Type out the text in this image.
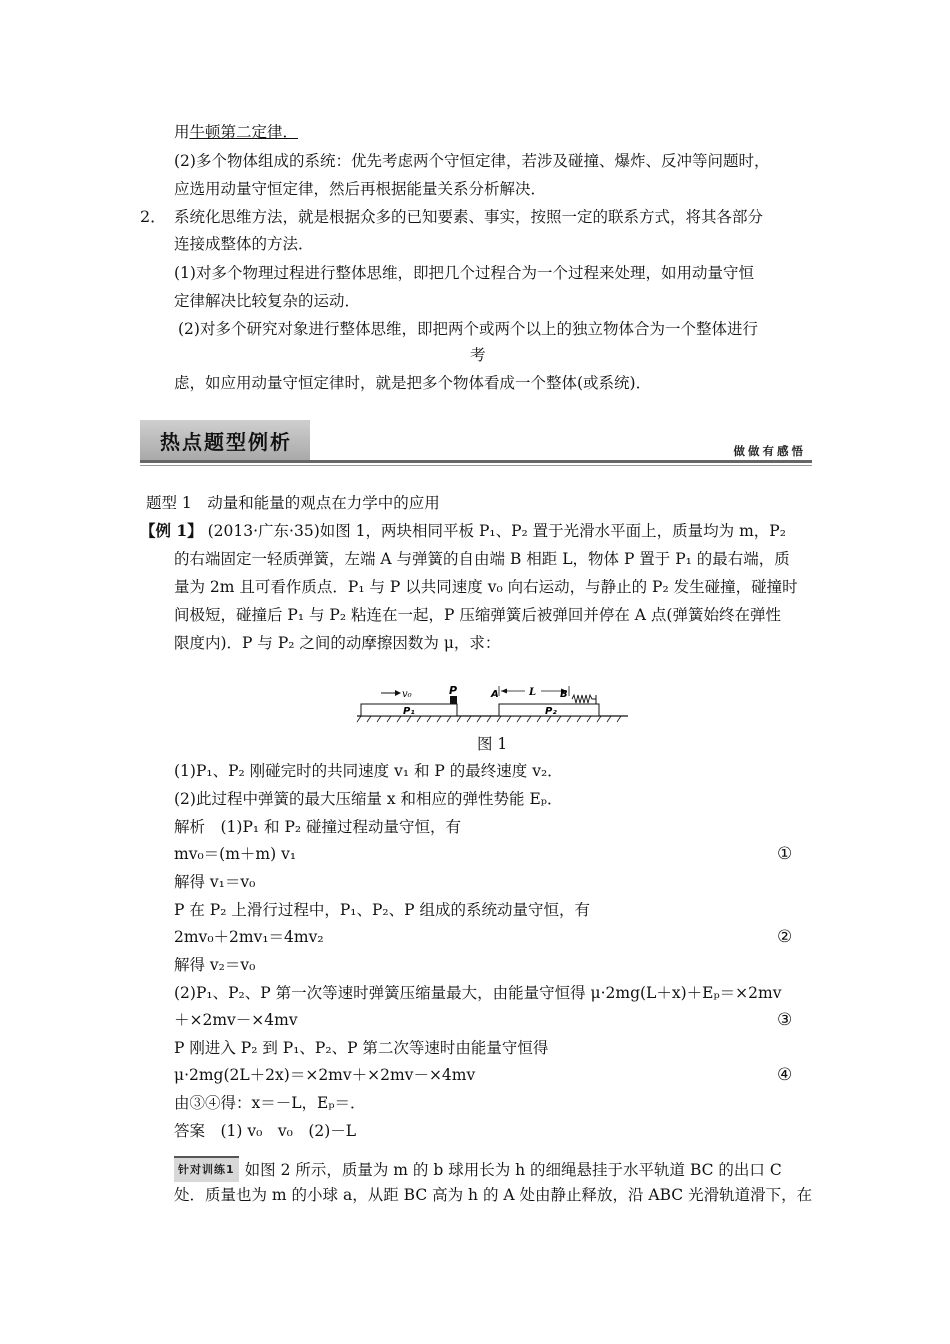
用牛顿第二定律．
(2)多个物体组成的系统：优先考虑两个守恒定律，若涉及碰撞、爆炸、反冲等问题时，
应选用动量守恒定律，然后再根据能量关系分析解决．
2． 系统化思维方法，就是根据众多的已知要素、事实，按照一定的联系方式，将其各部分
连接成整体的方法．
(1)对多个物理过程进行整体思维，即把几个过程合为一个过程来处理，如用动量守恒
定律解决比较复杂的运动．
(2)对多个研究对象进行整体思维，即把两个或两个以上的独立物体合为一个整体进行
考
虑，如应用动量守恒定律时，就是把多个物体看成一个整体(或系统)．
热点题型例析	做做有感悟
题型 1　动量和能量的观点在力学中的应用
【例 1】 (2013·广东·35)如图 1，两块相同平板 P₁、P₂ 置于光滑水平面上，质量均为 m，P₂
的右端固定一轻质弹簧，左端 A 与弹簧的自由端 B 相距 L，物体 P 置于 P₁ 的最右端，质
量为 2m 且可看作质点．P₁ 与 P 以共同速度 v₀ 向右运动，与静止的 P₂ 发生碰撞，碰撞时
间极短，碰撞后 P₁ 与 P₂ 粘连在一起，P 压缩弹簧后被弹回并停在 A 点(弹簧始终在弹性
限度内)．P 与 P₂ 之间的动摩擦因数为 μ，求：
v₀	P	A	L B
P₁	P₂
图 1
(1)P₁、P₂ 刚碰完时的共同速度 v₁ 和 P 的最终速度 v₂．
(2)此过程中弹簧的最大压缩量 x 和相应的弹性势能 Eₚ．
解析　(1)P₁ 和 P₂ 碰撞过程动量守恒，有
mv₀＝(m＋m) v₁	①
解得 v₁＝v₀
P 在 P₂ 上滑行过程中，P₁、P₂、P 组成的系统动量守恒，有
2mv₀＋2mv₁＝4mv₂	②
解得 v₂＝v₀
(2)P₁、P₂、P 第一次等速时弹簧压缩量最大，由能量守恒得 μ·2mg(L＋x)＋Eₚ＝×2mv
＋×2mv－×4mv	③
P 刚进入 P₂ 到 P₁、P₂、P 第二次等速时由能量守恒得
μ·2mg(2L＋2x)＝×2mv＋×2mv－×4mv	④
由③④得：x＝－L，Eₚ＝．
答案　(1) v₀　v₀　(2)－L
针对训练1 如图 2 所示，质量为 m 的 b 球用长为 h 的细绳悬挂于水平轨道 BC 的出口 C
处．质量也为 m 的小球 a，从距 BC 高为 h 的 A 处由静止释放，沿 ABC 光滑轨道滑下，在
